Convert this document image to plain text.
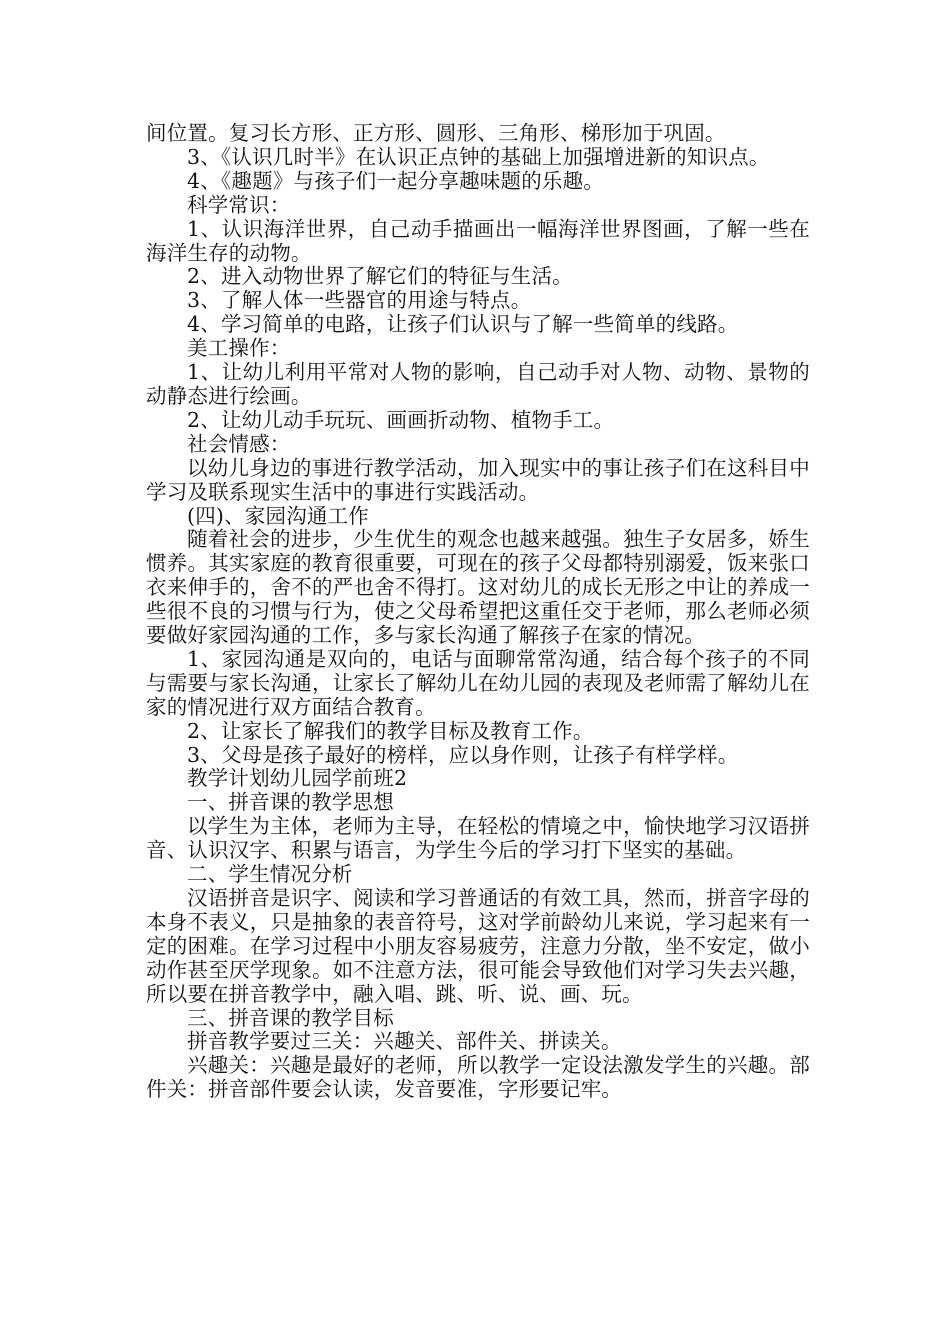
间位置。复习长方形、正方形、圆形、三角形、梯形加于巩固。

3、《认识几时半》在认识正点钟的基础上加强增进新的知识点。

4、《趣题》与孩子们一起分享趣味题的乐趣。

科学常识：

1、认识海洋世界，自己动手描画出一幅海洋世界图画，了解一些在海洋生存的动物。

2、进入动物世界了解它们的特征与生活。

3、了解人体一些器官的用途与特点。

4、学习简单的电路，让孩子们认识与了解一些简单的线路。

美工操作：

1、让幼儿利用平常对人物的影响，自己动手对人物、动物、景物的动静态进行绘画。

2、让幼儿动手玩玩、画画折动物、植物手工。

社会情感：

以幼儿身边的事进行教学活动，加入现实中的事让孩子们在这科目中学习及联系现实生活中的事进行实践活动。

(四)、家园沟通工作

随着社会的进步，少生优生的观念也越来越强。独生子女居多，娇生惯养。其实家庭的教育很重要，可现在的孩子父母都特别溺爱，饭来张口衣来伸手的，舍不的严也舍不得打。这对幼儿的成长无形之中让的养成一些很不良的习惯与行为，使之父母希望把这重任交于老师，那么老师必须要做好家园沟通的工作，多与家长沟通了解孩子在家的情况。

1、家园沟通是双向的，电话与面聊常常沟通，结合每个孩子的不同与需要与家长沟通，让家长了解幼儿在幼儿园的表现及老师需了解幼儿在家的情况进行双方面结合教育。

2、让家长了解我们的教学目标及教育工作。

3、父母是孩子最好的榜样，应以身作则，让孩子有样学样。

教学计划幼儿园学前班2

一、拼音课的教学思想

以学生为主体，老师为主导，在轻松的情境之中，愉快地学习汉语拼音、认识汉字、积累与语言，为学生今后的学习打下坚实的基础。

二、学生情况分析

汉语拼音是识字、阅读和学习普通话的有效工具，然而，拼音字母的本身不表义，只是抽象的表音符号，这对学前龄幼儿来说，学习起来有一定的困难。在学习过程中小朋友容易疲劳，注意力分散，坐不安定，做小动作甚至厌学现象。如不注意方法，很可能会导致他们对学习失去兴趣，所以要在拼音教学中，融入唱、跳、听、说、画、玩。

三、拼音课的教学目标

拼音教学要过三关：兴趣关、部件关、拼读关。

兴趣关：兴趣是最好的老师，所以教学一定设法激发学生的兴趣。部件关：拼音部件要会认读，发音要准，字形要记牢。
